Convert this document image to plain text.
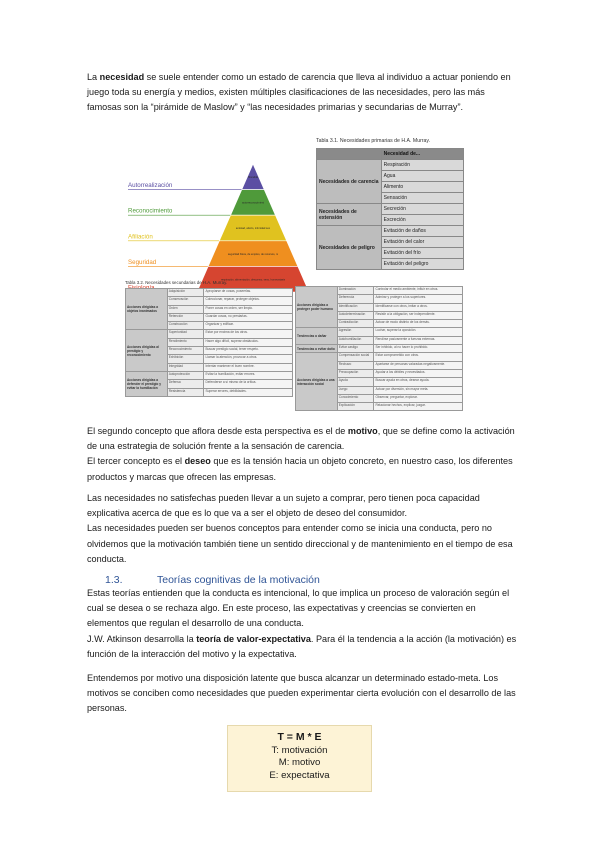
La necesidad se suele entender como un estado de carencia que lleva al individuo a actuar poniendo en juego toda su energía y medios, existen múltiples clasificaciones de las necesidades, pero las más famosas son la “pirámide de Maslow” y “las necesidades primarias y secundarias de Murray”.
Autorrealización
Moralida
Reconocimiento
autorreconocimient
Afiliación
amistad, afecto, intimidad sex
Seguridad
seguridad física, de empleo, de recursos, m
respiración, alimentación, descanso, sexo, homeostasis
Tabla 3.1. Necesidades primarias de H.A. Murray.
	Necesidad de...
Necesidades de carencia	Respiración
	Agua
	Alimento
	Sensación
Necesidades de extensión	Secreción
	Excreción
Necesidades de peligro	Evitación de daños
	Evitación del calor
	Evitación del frío
	Evitación del peligro
Tabla 3.2. Necesidades secundarias de H.A. Murray.
Acciones dirigidas a objetos inanimados	Adquisición	Apropiarse de cosas, poseerlas.
	Conservación	Coleccionar, reparar, proteger objetos.
	Orden	Poner cosas en orden, ser limpio.
	Retención	Guardar cosas, no prestarlas.
	Construcción	Organizar y edificar.
Acciones dirigidas al prestigio y reconocimiento	Superioridad	Estar por encima de los otros.
	Rendimiento	Hacer algo difícil, superar obstáculos.
	Reconocimiento	Buscar prestigio social, tener respeto.
	Exhibición	Llamar la atención, provocar a otros.
	Integridad	Intentar mantener el buen nombre.
Acciones dirigidas a defender el prestigio y evitar la humillación	Autoprotección	Evitar la humillación, evitar errores.
	Defensa	Defenderse a sí mismo de la crítica.
	Resistencia	Superar errores, debilidades.
Acciones dirigidas a proteger poder humano	Dominación	Controlar el medio ambiente, influir en otros.
	Deferencia	Admirar y proteger a los superiores.
	Identificación	Identificarse con otros, imitar a otros.
	Autodeterminación	Resistir a la obligación, ser independiente.
	Contradicción	Actuar de modo distinto de los demás.
Tendencias a dañar	Agresión	Luchar, superar la oposición.
	Autohumillación	Rendirse pasivamente a fuerzas externas.
Tendencias a evitar daño	Evitar castigo	Ser inhibido, al no hacer lo prohibido.
Acciones dirigidas a una interacción social	Compensación social	Estar comprometido con otros.
	Rechazo	Apartarse de personas valoradas negativamente.
	Preocupación	Ayudar a los débiles y necesitados.
	Ayuda	Buscar ayuda en otros, desear ayuda.
	Juego	Actuar por diversión, sin mayor meta.
	Conocimiento	Observar, preguntar, explorar.
	Explicación	Relacionar hechos, explicar, juzgar.
El segundo concepto que aflora desde esta perspectiva es el de motivo, que se define como la activación de una estrategia de solución frente a la sensación de carencia.
El tercer concepto es el deseo que es la tensión hacia un objeto concreto, en nuestro caso, los diferentes productos y marcas que ofrecen las empresas.
Las necesidades no satisfechas pueden llevar a un sujeto a comprar, pero tienen poca capacidad explicativa acerca de que es lo que va a ser el objeto de deseo del consumidor.
Las necesidades pueden ser buenos conceptos para entender como se inicia una conducta, pero no olvidemos que la motivación también tiene un sentido direccional y de mantenimiento en el tiempo de esa conducta.
1.3.	Teorías cognitivas de la motivación
Estas teorías entienden que la conducta es intencional, lo que implica un proceso de valoración según el cual se desea o se rechaza algo. En este proceso, las expectativas y creencias se convierten en elementos que regulan el desarrollo de una conducta.
J.W. Atkinson desarrolla la teoría de valor-expectativa. Para él la tendencia a la acción (la motivación) es función de la interacción del motivo y la expectativa.
Entendemos por motivo una disposición latente que busca alcanzar un determinado estado-meta. Los motivos se conciben como necesidades que pueden experimentar cierta evolución con el desarrollo de las personas.
T = M * E
T: motivación
M: motivo
E: expectativa
